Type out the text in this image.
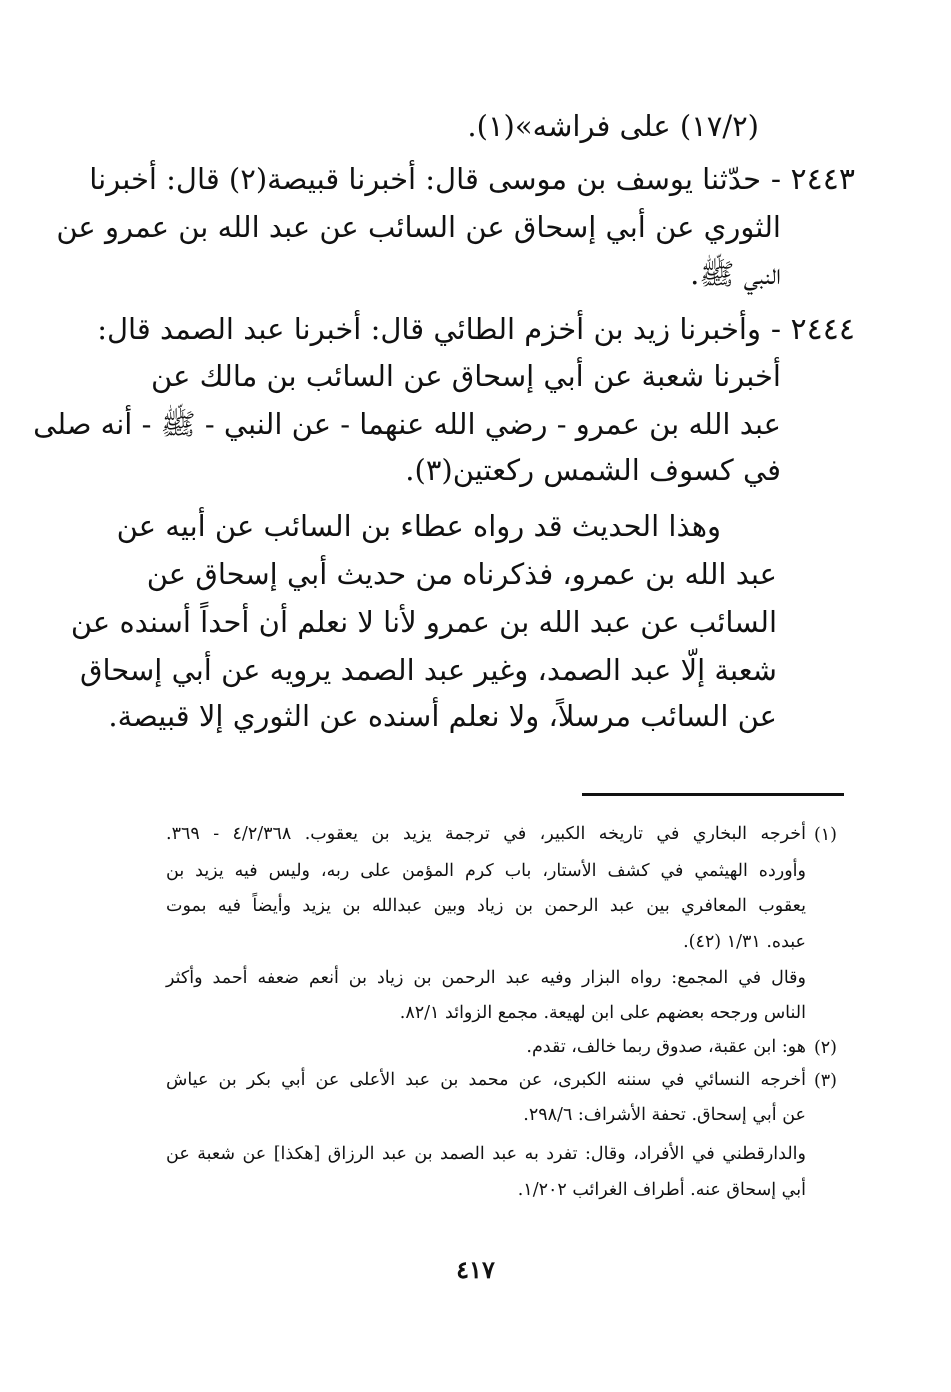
(١٧/٢) على فراشه»(١).
٢٤٤٣ -
حدّثنا يوسف بن موسى قال: أخبرنا قبيصة(٢) قال: أخبرنا
الثوري عن أبي إسحاق عن السائب عن عبد الله بن عمرو عن
النبي ﷺ.
٢٤٤٤ -
وأخبرنا زيد بن أخزم الطائي قال: أخبرنا عبد الصمد قال:
أخبرنا شعبة عن أبي إسحاق عن السائب بن مالك عن
عبد الله بن عمرو - رضي الله عنهما - عن النبي - ﷺ - أنه صلى
في كسوف الشمس ركعتين(٣).
وهذا الحديث قد رواه عطاء بن السائب عن أبيه عن
عبد الله بن عمرو، فذكرناه من حديث أبي إسحاق عن
السائب عن عبد الله بن عمرو لأنا لا نعلم أن أحداً أسنده عن
شعبة إلّا عبد الصمد، وغير عبد الصمد يرويه عن أبي إسحاق
عن السائب مرسلاً، ولا نعلم أسنده عن الثوري إلا قبيصة.
(١)
أخرجه البخاري في تاريخه الكبير، في ترجمة يزيد بن يعقوب. ٤/٢/٣٦٨ - ٣٦٩.
وأورده الهيثمي في كشف الأستار، باب كرم المؤمن على ربه، وليس فيه يزيد بن
يعقوب المعافري بين عبد الرحمن بن زياد وبين عبدالله بن يزيد وأيضاً فيه بموت
عبده. ١/٣١ (٤٢).
وقال في المجمع: رواه البزار وفيه عبد الرحمن بن زياد بن أنعم ضعفه أحمد وأكثر
الناس ورجحه بعضهم على ابن لهيعة. مجمع الزوائد ٨٢/١.
(٢)
هو: ابن عقبة، صدوق ربما خالف، تقدم.
(٣)
أخرجه النسائي في سننه الكبرى، عن محمد بن عبد الأعلى عن أبي بكر بن عياش
عن أبي إسحاق. تحفة الأشراف: ٢٩٨/٦.
والدارقطني في الأفراد، وقال: تفرد به عبد الصمد بن عبد الرزاق [هكذا] عن شعبة عن
أبي إسحاق عنه. أطراف الغرائب ١/٢٠٢.
٤١٧
